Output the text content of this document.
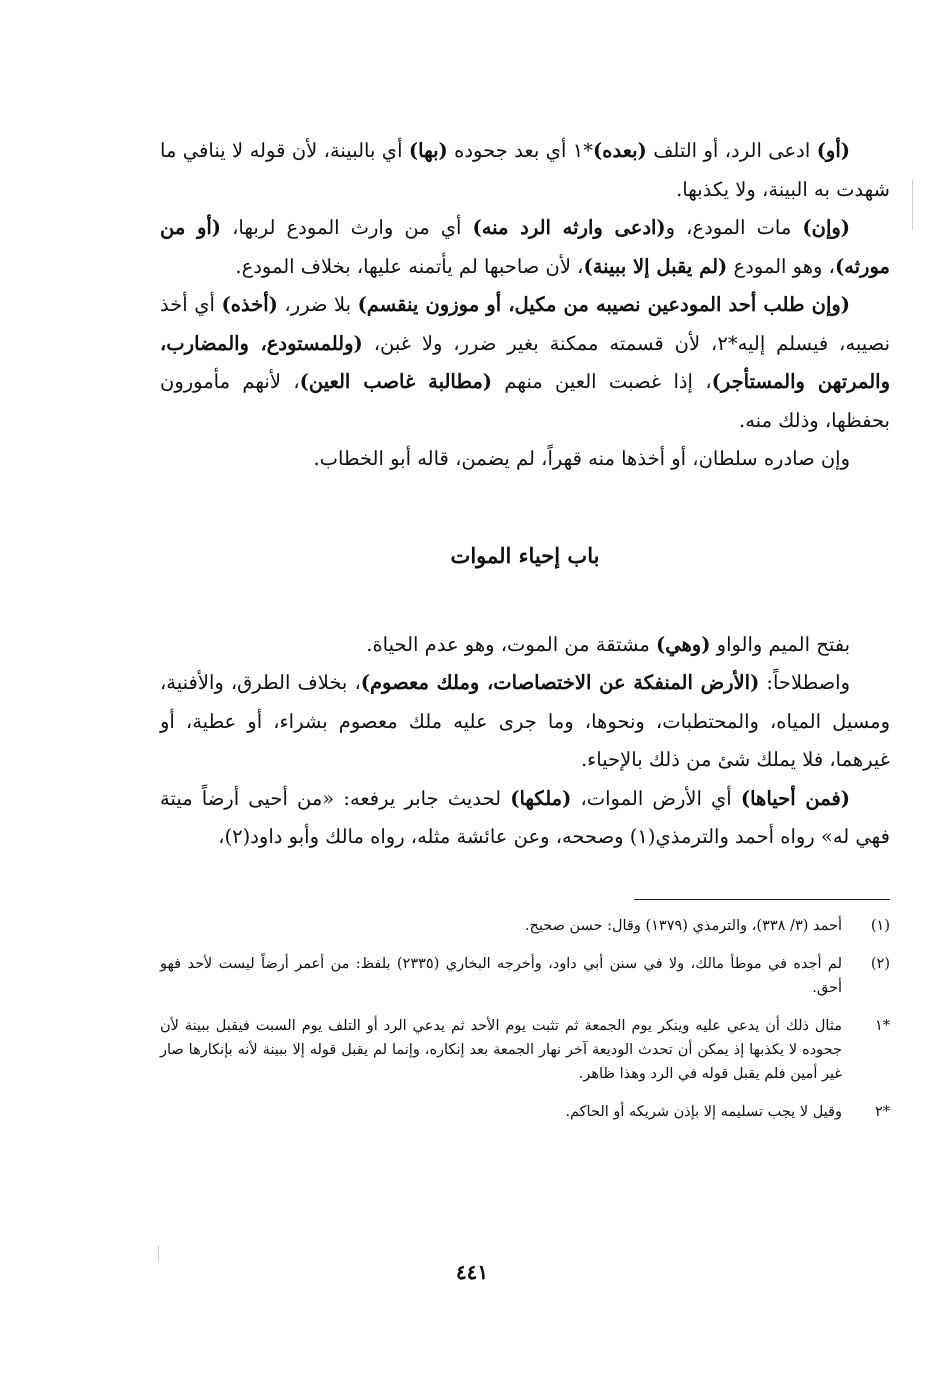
(أو) ادعى الرد، أو التلف (بعده)*١ أي بعد جحوده (بها) أي بالبينة، لأن قوله لا ينافي ما شهدت به البينة، ولا يكذبها.

(وإن) مات المودع، و(ادعى وارثه الرد منه) أي من وارث المودع لربها، (أو من مورثه)، وهو المودع (لم يقبل إلا ببينة)، لأن صاحبها لم يأتمنه عليها، بخلاف المودع.

(وإن طلب أحد المودعين نصيبه من مكيل، أو موزون ينقسم) بلا ضرر، (أخذه) أي أخذ نصيبه، فيسلم إليه*٢، لأن قسمته ممكنة بغير ضرر، ولا غبن، (وللمستودع، والمضارب، والمرتهن والمستأجر)، إذا غصبت العين منهم (مطالبة غاصب العين)، لأنهم مأمورون بحفظها، وذلك منه.

وإن صادره سلطان، أو أخذها منه قهراً، لم يضمن، قاله أبو الخطاب.

باب إحياء الموات

بفتح الميم والواو (وهي) مشتقة من الموت، وهو عدم الحياة.

واصطلاحاً: (الأرض المنفكة عن الاختصاصات، وملك معصوم)، بخلاف الطرق، والأفنية، ومسيل المياه، والمحتطبات، ونحوها، وما جرى عليه ملك معصوم بشراء، أو عطية، أو غيرهما، فلا يملك شئ من ذلك بالإحياء.

(فمن أحياها) أي الأرض الموات، (ملكها) لحديث جابر يرفعه: «من أحيى أرضاً ميتة فهي له» رواه أحمد والترمذي(١) وصححه، وعن عائشة مثله، رواه مالك وأبو داود(٢)،

(١)
أحمد (٣/ ٣٣٨)، والترمذي (١٣٧٩) وقال: حسن صحيح.
(٢)
لم أجده في موطأ مالك، ولا في سنن أبي داود، وأخرجه البخاري (٢٣٣٥) بلفظ: من أعمر أرضاً ليست لأحد فهو أحق.
*١
مثال ذلك أن يدعي عليه وينكر يوم الجمعة ثم تثبت يوم الأحد ثم يدعي الرد أو التلف يوم السبت فيقبل ببينة لأن جحوده لا يكذبها إذ يمكن أن تحدث الوديعة آخر نهار الجمعة بعد إنكاره، وإنما لم يقبل قوله إلا ببينة لأنه بإنكارها صار غير أمين فلم يقبل قوله في الرد وهذا ظاهر.
*٢
وقيل لا يجب تسليمه إلا بإذن شريكه أو الحاكم.
٤٤١
